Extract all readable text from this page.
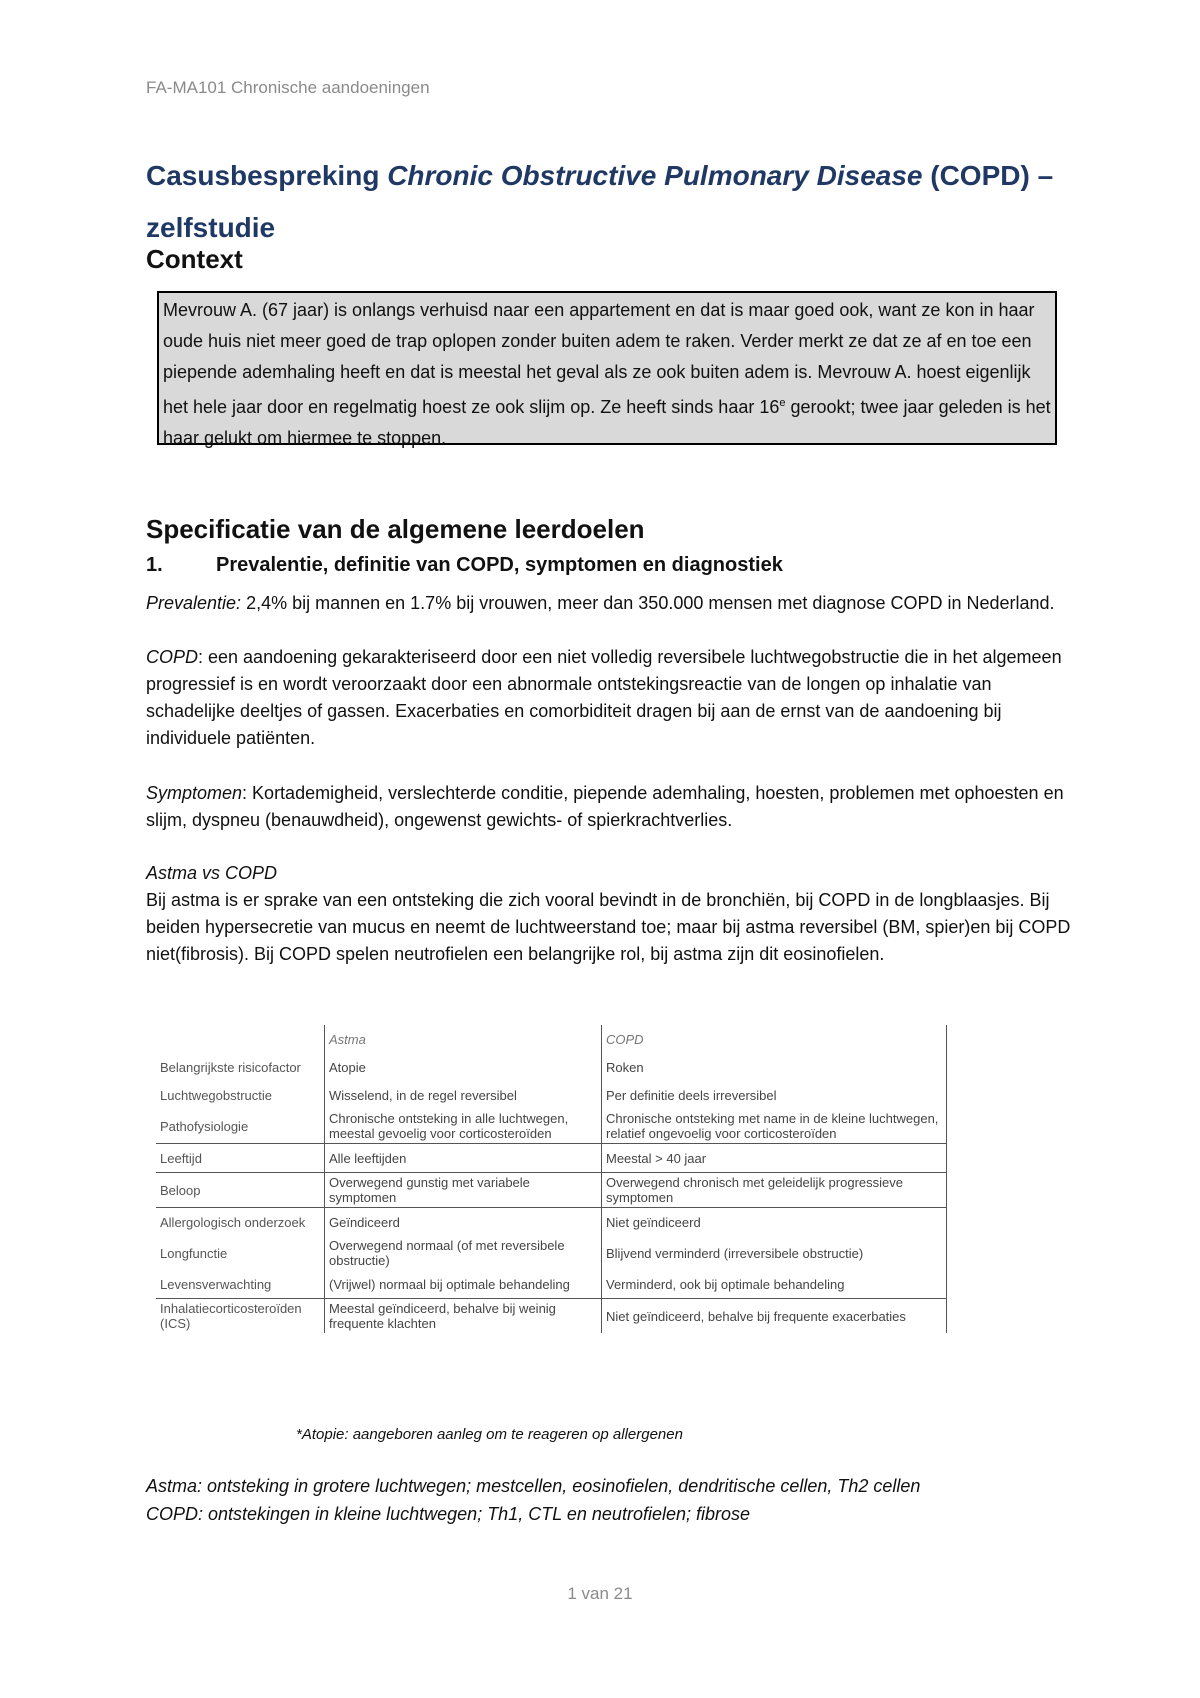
FA-MA101 Chronische aandoeningen
Casusbespreking Chronic Obstructive Pulmonary Disease (COPD) –
zelfstudie
Context
Mevrouw A. (67 jaar) is onlangs verhuisd naar een appartement en dat is maar goed ook, want ze kon in haar oude huis niet meer goed de trap oplopen zonder buiten adem te raken. Verder merkt ze dat ze af en toe een piepende ademhaling heeft en dat is meestal het geval als ze ook buiten adem is. Mevrouw A. hoest eigenlijk het hele jaar door en regelmatig hoest ze ook slijm op. Ze heeft sinds haar 16e gerookt; twee jaar geleden is het haar gelukt om hiermee te stoppen.
Specificatie van de algemene leerdoelen
1.	Prevalentie, definitie van COPD, symptomen en diagnostiek
Prevalentie: 2,4% bij mannen en 1.7% bij vrouwen, meer dan 350.000 mensen met diagnose COPD in Nederland.
COPD: een aandoening gekarakteriseerd door een niet volledig reversibele luchtwegobstructie die in het algemeen progressief is en wordt veroorzaakt door een abnormale ontstekingsreactie van de longen op inhalatie van schadelijke deeltjes of gassen. Exacerbaties en comorbiditeit dragen bij aan de ernst van de aandoening bij individuele patiënten.
Symptomen: Kortademigheid, verslechterde conditie, piepende ademhaling, hoesten, problemen met ophoesten en slijm, dyspneu (benauwdheid), ongewenst gewichts- of spierkrachtverlies.
Astma vs COPD
Bij astma is er sprake van een ontsteking die zich vooral bevindt in de bronchiën, bij COPD in de longblaasjes. Bij beiden hypersecretie van mucus en neemt de luchtweerstand toe; maar bij astma reversibel (BM, spier)en bij COPD niet(fibrosis). Bij COPD spelen neutrofielen een belangrijke rol, bij astma zijn dit eosinofielen.
	Astma	COPD
Belangrijkste risicofactor	Atopie	Roken
Luchtwegobstructie	Wisselend, in de regel reversibel	Per definitie deels irreversibel
Pathofysiologie	Chronische ontsteking in alle luchtwegen, meestal gevoelig voor corticosteroïden	Chronische ontsteking met name in de kleine luchtwegen, relatief ongevoelig voor corticosteroïden
Leeftijd	Alle leeftijden	Meestal > 40 jaar
Beloop	Overwegend gunstig met variabele symptomen	Overwegend chronisch met geleidelijk progressieve symptomen
Allergologisch onderzoek	Geïndiceerd	Niet geïndiceerd
Longfunctie	Overwegend normaal (of met reversibele obstructie)	Blijvend verminderd (irreversibele obstructie)
Levensverwachting	(Vrijwel) normaal bij optimale behandeling	Verminderd, ook bij optimale behandeling
Inhalatiecorticosteroïden (ICS)	Meestal geïndiceerd, behalve bij weinig frequente klachten	Niet geïndiceerd, behalve bij frequente exacerbaties
*Atopie: aangeboren aanleg om te reageren op allergenen
Astma: ontsteking in grotere luchtwegen; mestcellen, eosinofielen, dendritische cellen, Th2 cellen
COPD: ontstekingen in kleine luchtwegen; Th1, CTL en neutrofielen; fibrose
1 van 21
